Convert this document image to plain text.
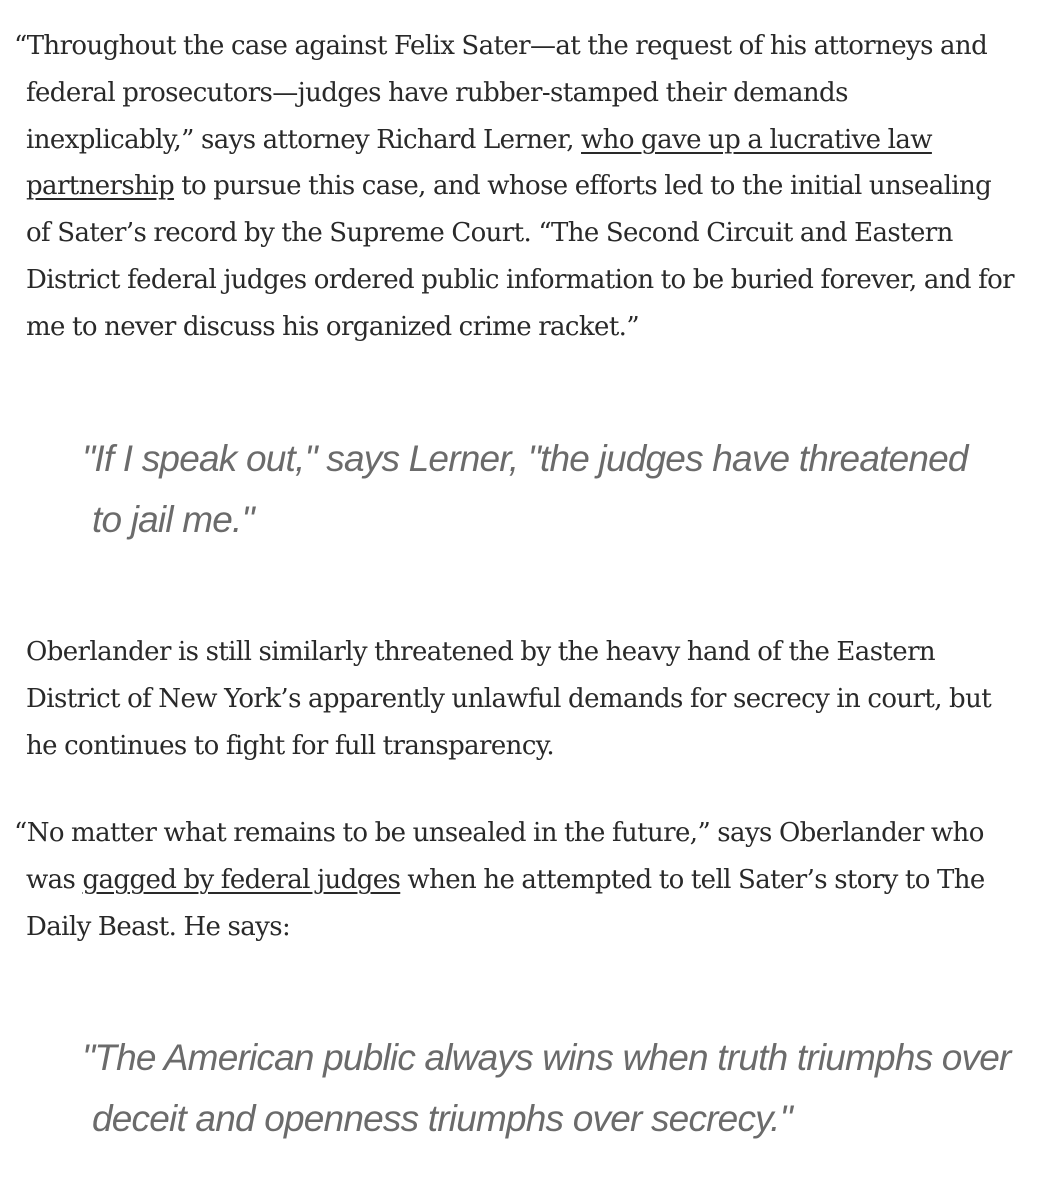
“Throughout the case against Felix Sater—at the request of his attorneys and federal prosecutors—judges have rubber-stamped their demands inexplicably,” says attorney Richard Lerner, who gave up a lucrative law partnership to pursue this case, and whose efforts led to the initial unsealing of Sater’s record by the Supreme Court. “The Second Circuit and Eastern District federal judges ordered public information to be buried forever, and for me to never discuss his organized crime racket.”

"If I speak out," says Lerner, "the judges have threatened to jail me."

Oberlander is still similarly threatened by the heavy hand of the Eastern District of New York’s apparently unlawful demands for secrecy in court, but he continues to fight for full transparency.

“No matter what remains to be unsealed in the future,” says Oberlander who was gagged by federal judges when he attempted to tell Sater’s story to The Daily Beast. He says:

"The American public always wins when truth triumphs over deceit and openness triumphs over secrecy."
